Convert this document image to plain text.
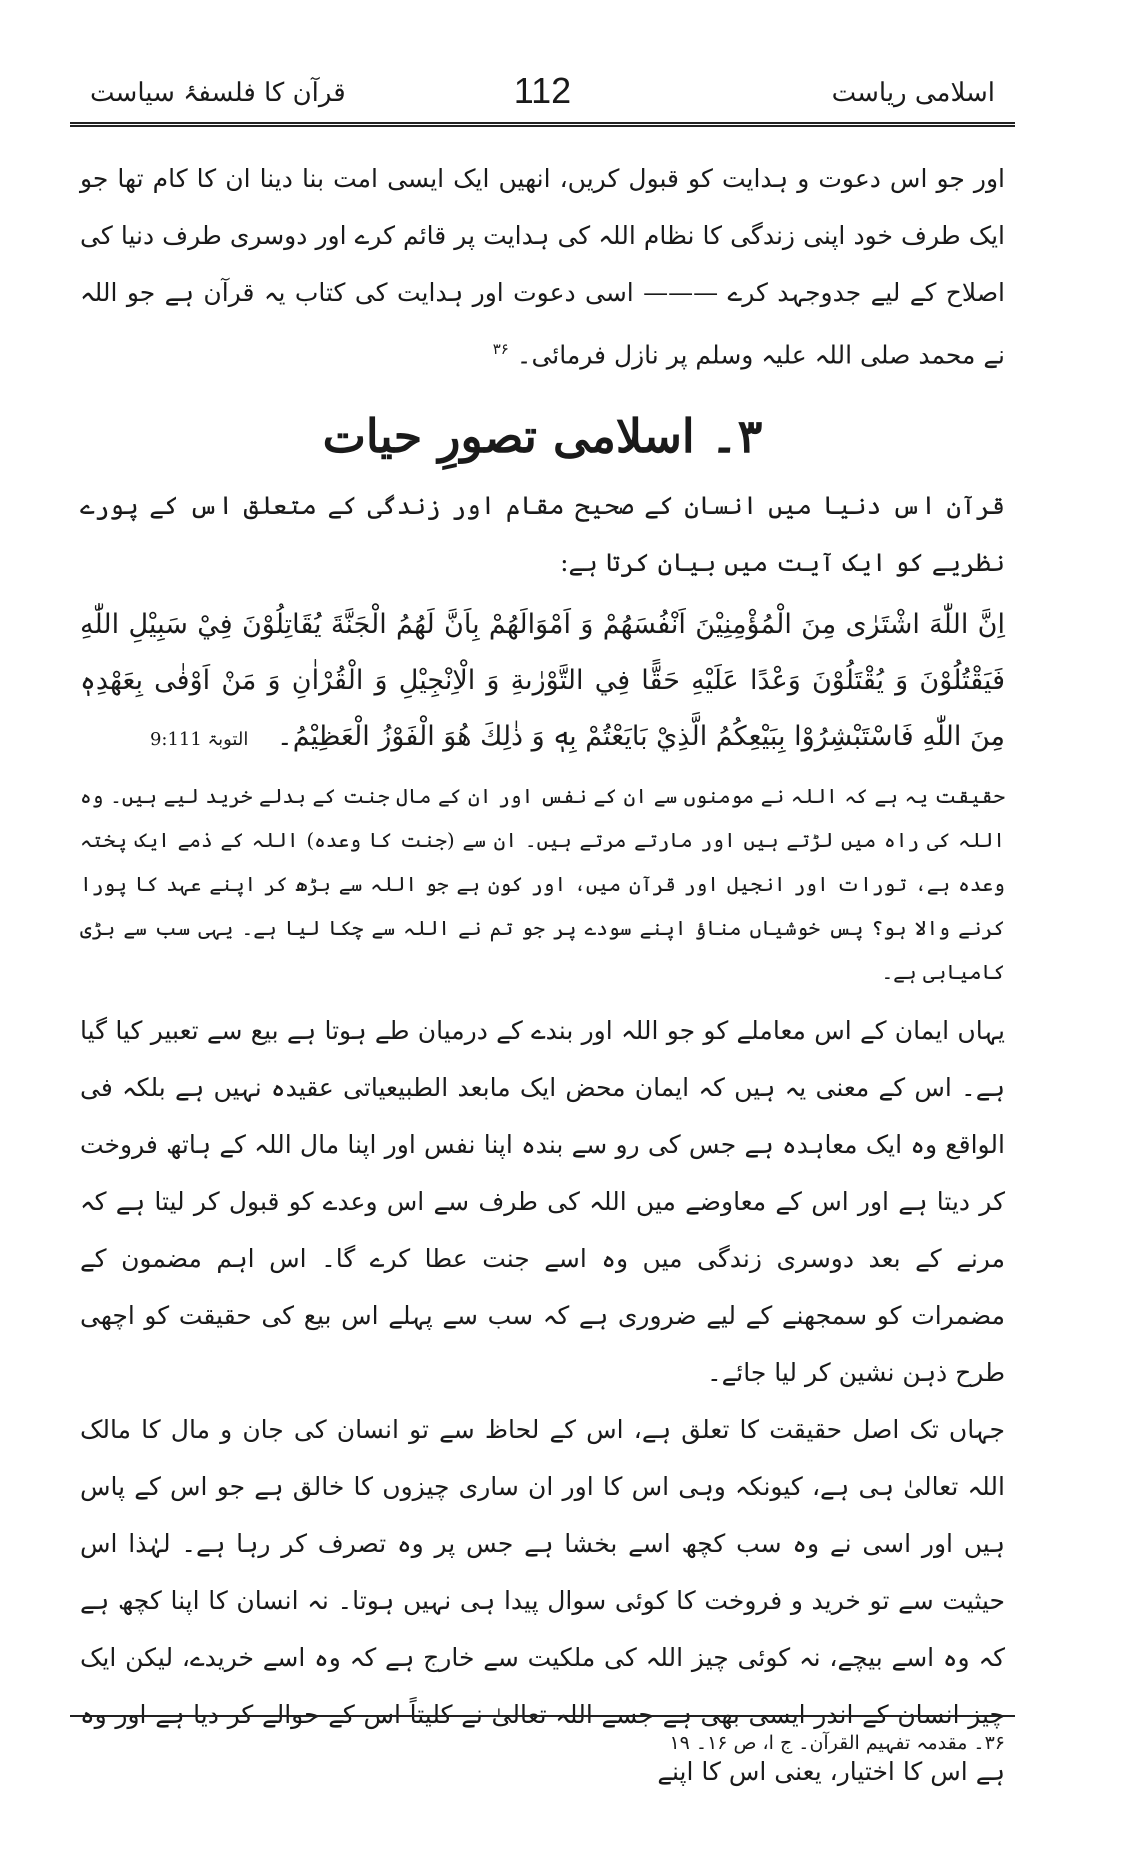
اسلامی ریاست
112
قرآن کا فلسفۂ سیاست

اور جو اس دعوت و ہدایت کو قبول کریں، انھیں ایک ایسی امت بنا دینا ان کا کام تھا جو ایک طرف خود اپنی زندگی کا نظام اللہ کی ہدایت پر قائم کرے اور دوسری طرف دنیا کی اصلاح کے لیے جدوجہد کرے ——— اسی دعوت اور ہدایت کی کتاب یہ قرآن ہے جو اللہ نے محمد صلی اللہ علیہ وسلم پر نازل فرمائی۔ $^{۳۶}$

۳۔ اسلامی تصورِ حیات

قرآن اس دنیا میں انسان کے صحیح مقام اور زندگی کے متعلق اس کے پورے نظریے کو ایک آیت میں بیان کرتا ہے:

اِنَّ اللّٰهَ اشْتَرٰى مِنَ الْمُؤْمِنِيْنَ اَنْفُسَهُمْ وَ اَمْوَالَهُمْ بِاَنَّ لَهُمُ الْجَنَّةَ يُقَاتِلُوْنَ فِيْ سَبِيْلِ اللّٰهِ فَيَقْتُلُوْنَ وَ يُقْتَلُوْنَ وَعْدًا عَلَيْهِ حَقًّا فِي التَّوْرٰىةِ وَ الْاِنْجِيْلِ وَ الْقُرْاٰنِ وَ مَنْ اَوْفٰى بِعَهْدِهٖ مِنَ اللّٰهِ فَاسْتَبْشِرُوْا بِبَيْعِكُمُ الَّذِيْ بَايَعْتُمْ بِهٖ وَ ذٰلِكَ هُوَ الْفَوْزُ الْعَظِيْمُ۔ التوبۃ 9:111

حقیقت یہ ہے کہ اللہ نے مومنوں سے ان کے نفس اور ان کے مال جنت کے بدلے خرید لیے ہیں۔ وہ اللہ کی راہ میں لڑتے ہیں اور مارتے مرتے ہیں۔ ان سے (جنت کا وعدہ) اللہ کے ذمے ایک پختہ وعدہ ہے، تورات اور انجیل اور قرآن میں، اور کون ہے جو اللہ سے بڑھ کر اپنے عہد کا پورا کرنے والا ہو؟ پس خوشیاں مناؤ اپنے سودے پر جو تم نے اللہ سے چکا لیا ہے۔ یہی سب سے بڑی کامیابی ہے۔

یہاں ایمان کے اس معاملے کو جو اللہ اور بندے کے درمیان طے ہوتا ہے بیع سے تعبیر کیا گیا ہے۔ اس کے معنی یہ ہیں کہ ایمان محض ایک مابعد الطبیعیاتی عقیدہ نہیں ہے بلکہ فی الواقع وہ ایک معاہدہ ہے جس کی رو سے بندہ اپنا نفس اور اپنا مال اللہ کے ہاتھ فروخت کر دیتا ہے اور اس کے معاوضے میں اللہ کی طرف سے اس وعدے کو قبول کر لیتا ہے کہ مرنے کے بعد دوسری زندگی میں وہ اسے جنت عطا کرے گا۔ اس اہم مضمون کے مضمرات کو سمجھنے کے لیے ضروری ہے کہ سب سے پہلے اس بیع کی حقیقت کو اچھی طرح ذہن نشین کر لیا جائے۔

جہاں تک اصل حقیقت کا تعلق ہے، اس کے لحاظ سے تو انسان کی جان و مال کا مالک اللہ تعالیٰ ہی ہے، کیونکہ وہی اس کا اور ان ساری چیزوں کا خالق ہے جو اس کے پاس ہیں اور اسی نے وہ سب کچھ اسے بخشا ہے جس پر وہ تصرف کر رہا ہے۔ لہٰذا اس حیثیت سے تو خرید و فروخت کا کوئی سوال پیدا ہی نہیں ہوتا۔ نہ انسان کا اپنا کچھ ہے کہ وہ اسے بیچے، نہ کوئی چیز اللہ کی ملکیت سے خارج ہے کہ وہ اسے خریدے، لیکن ایک چیز انسان کے اندر ایسی بھی ہے جسے اللہ تعالیٰ نے کلیتاً اس کے حوالے کر دیا ہے اور وہ ہے اس کا اختیار، یعنی اس کا اپنے

۳۶۔ مقدمہ تفہیم القرآن۔ ج ا، ص ۱۶۔ ۱۹
